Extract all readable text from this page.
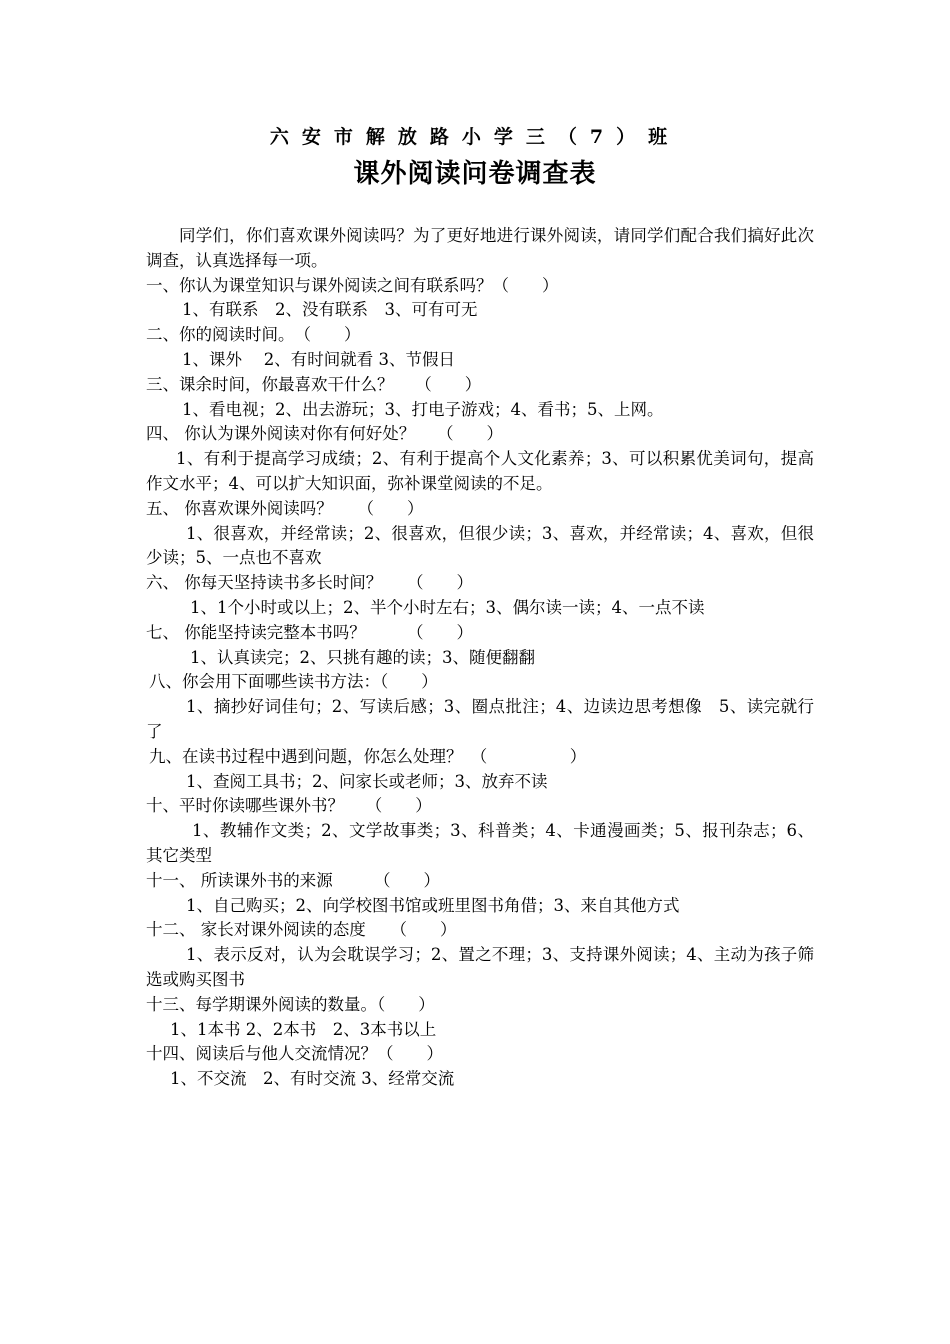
六安市解放路小学三（7）班
课外阅读问卷调查表
同学们，你们喜欢课外阅读吗？为了更好地进行课外阅读，请同学们配合我们搞好此次调查，认真选择每一项。
一、你认为课堂知识与课外阅读之间有联系吗？（　　）
1、有联系　2、没有联系　3、可有可无
二、你的阅读时间。　（　　）
1、课外　 2、有时间就看 3、节假日
三、课余时间，你最喜欢干什么？　 （　　）
1、看电视；2、出去游玩；3、打电子游戏；4、看书；5、上网。
四、 你认为课外阅读对你有何好处？　 （　　）
1、有利于提高学习成绩；2、有利于提高个人文化素养；3、可以积累优美词句，提高作文水平；4、可以扩大知识面，弥补课堂阅读的不足。
五、 你喜欢课外阅读吗？　　（　　）
1、很喜欢，并经常读；2、很喜欢，但很少读；3、喜欢，并经常读；4、喜欢，但很少读；5、一点也不喜欢
六、 你每天坚持读书多长时间？　　（　　）
1、1个小时或以上；2、半个小时左右；3、偶尔读一读；4、一点不读
七、 你能坚持读完整本书吗？　　　（　　）
1、认真读完；2、只挑有趣的读；3、随便翻翻
八、你会用下面哪些读书方法：（　　）
1、摘抄好词佳句；2、写读后感；3、圈点批注；4、边读边思考想像　5、读完就行了
九、在读书过程中遇到问题，你怎么处理？　（　　　　　）
1、查阅工具书；2、问家长或老师；3、放弃不读
十、平时你读哪些课外书？　 （　　）
1、教辅作文类；2、文学故事类；3、科普类；4、卡通漫画类；5、报刊杂志；6、其它类型
十一、 所读课外书的来源　　　（　　）
1、自己购买；2、向学校图书馆或班里图书角借；3、来自其他方式
十二、 家长对课外阅读的态度　　（　　）
1、表示反对，认为会耽误学习；2、置之不理；3、支持课外阅读；4、主动为孩子筛选或购买图书
十三、每学期课外阅读的数量。（　　）
1、1本书 2、2本书　2、3本书以上
十四、阅读后与他人交流情况？（　　）
1、不交流　2、有时交流 3、经常交流
